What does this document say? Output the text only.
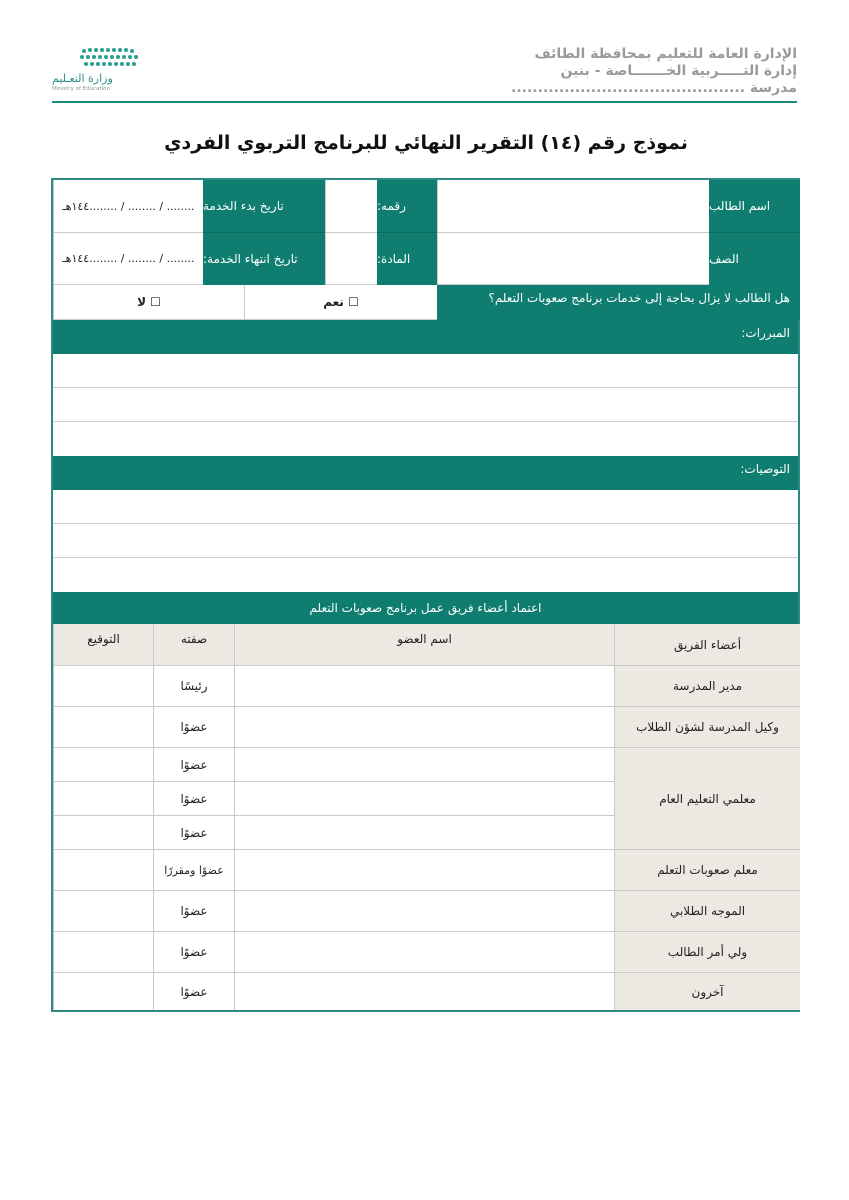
الإدارة العامة للتعليم بمحافظة الطائف
إدارة التـــــربية الخـــــــاصة - بنين
مدرسة ............................................
وزارة التعـليم
Ministry of Education
نموذج رقم (١٤) التقرير النهائي للبرنامج التربوي الفردي
اسم الطالب
رقمه:
تاريخ بدء الخدمة
........ / ........ / ........١٤٤هـ
الصف
المادة:
تاريخ انتهاء الخدمة:
........ / ........ / ........١٤٤هـ
هل الطالب لا يزال بحاجة إلى خدمات برنامج صعوبات التعلم؟
☐ نعم
☐ لا
المبررات:
التوصيات:
اعتماد أعضاء فريق عمل برنامج صعوبات التعلم
أعضاء الفريق
اسم العضو
صفته
التوقيع
مدير المدرسة
رئيسًا
وكيل المدرسة لشؤن الطلاب
عضوًا
معلمي التعليم العام
عضوًا
عضوًا
عضوًا
معلم صعوبات التعلم
عضوًا ومقررًا
الموجه الطلابي
عضوًا
ولي أمر الطالب
عضوًا
آخرون
عضوًا
